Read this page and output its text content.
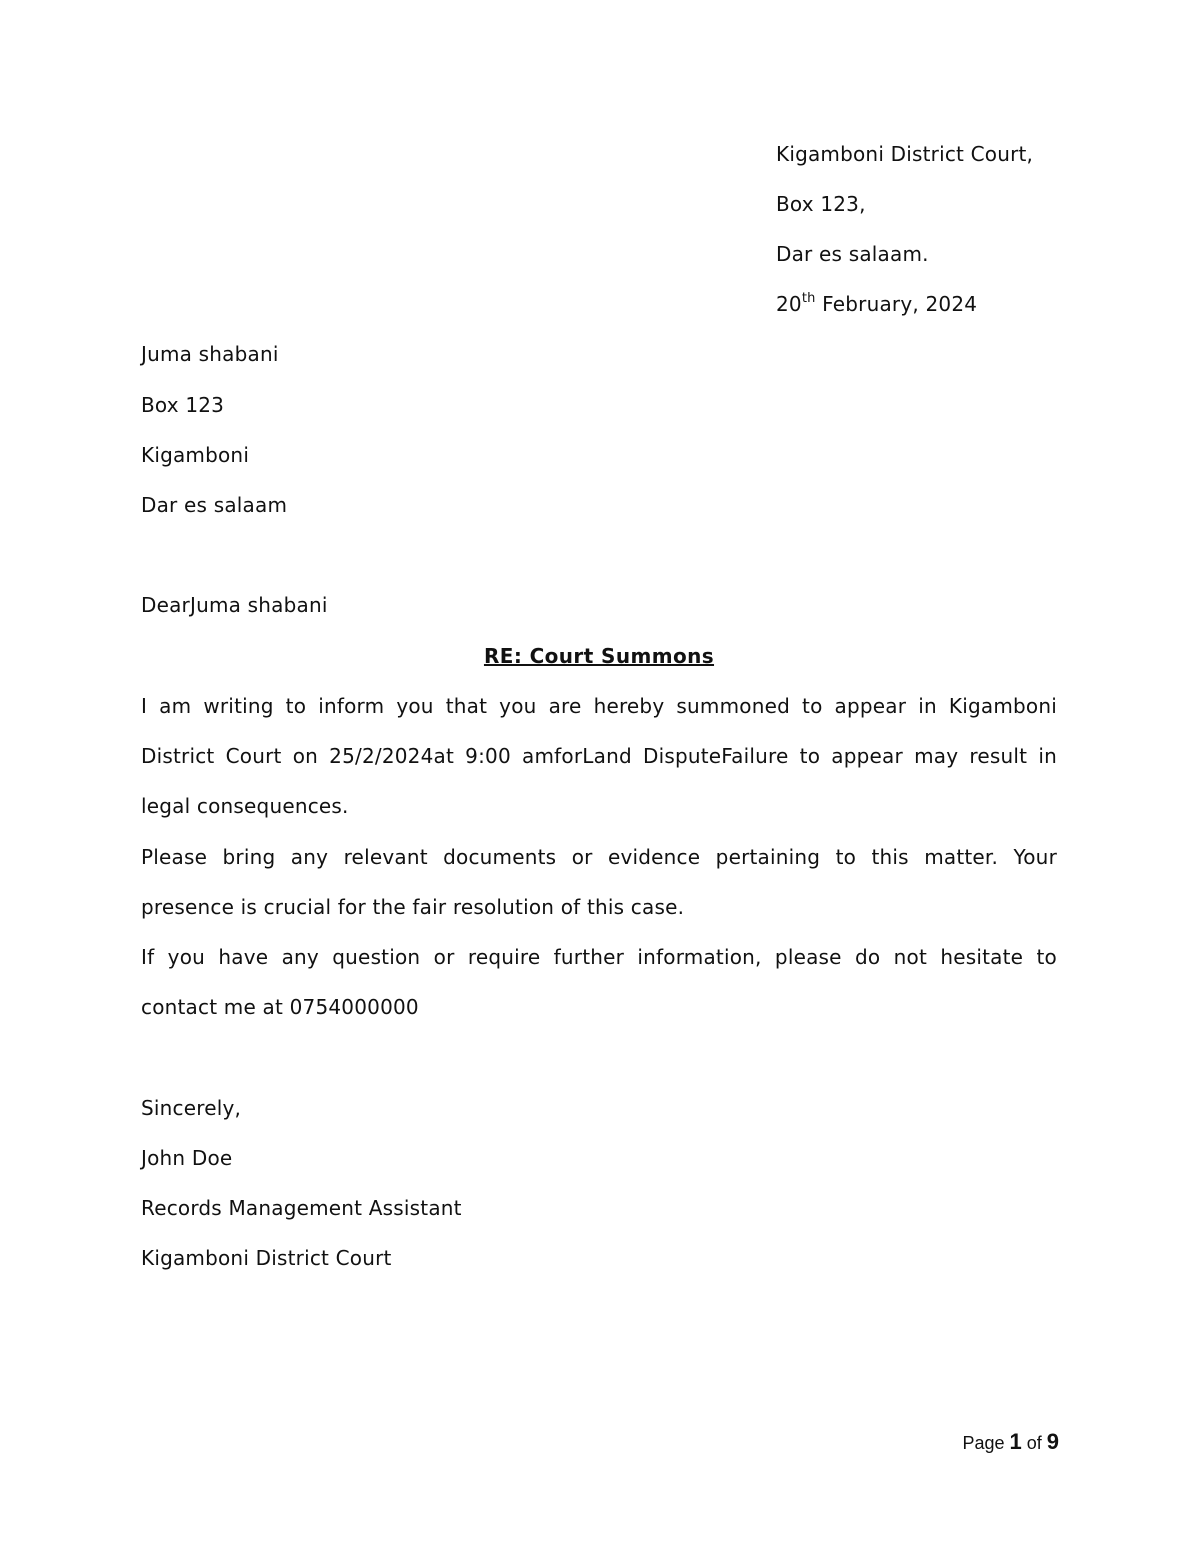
Kigamboni District Court,
Box 123,
Dar es salaam.
20th February, 2024
Juma shabani
Box 123
Kigamboni
Dar es salaam
DearJuma shabani
RE: Court Summons
I am writing to inform you that you are hereby summoned to appear in Kigamboni
District Court on 25/2/2024at 9:00 amforLand DisputeFailure to appear may result in
legal consequences.
Please bring any relevant documents or evidence pertaining to this matter. Your
presence is crucial for the fair resolution of this case.
If you have any question or require further information, please do not hesitate to
contact me at 0754000000
Sincerely,
John Doe
Records Management Assistant
Kigamboni District Court
Page 1 of 9
